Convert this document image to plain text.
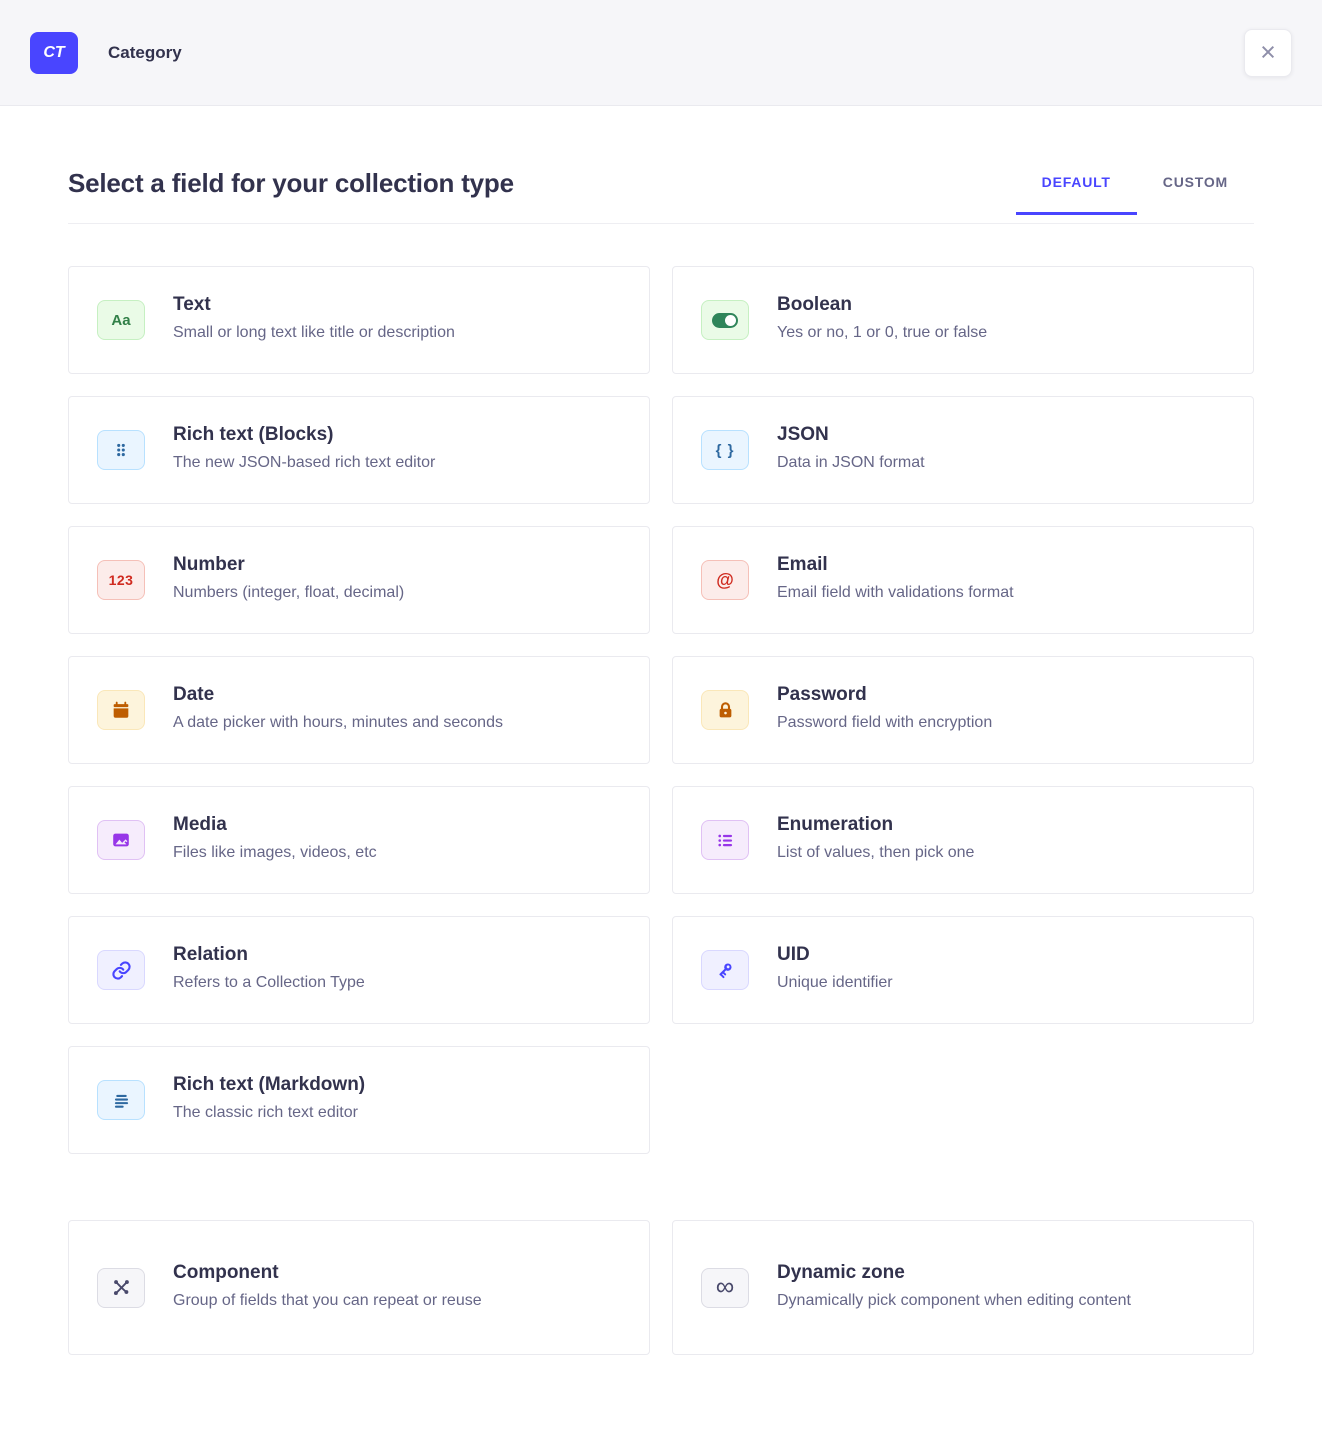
CT	Category	×
Select a field for your collection type	DEFAULT	CUSTOM
Aa
Text
Small or long text like title or description
Boolean
Yes or no, 1 or 0, true or false
Rich text (Blocks)
The new JSON-based rich text editor
{ }
JSON
Data in JSON format
123
Number
Numbers (integer, float, decimal)
@
Email
Email field with validations format
Date
A date picker with hours, minutes and seconds
Password
Password field with encryption
Media
Files like images, videos, etc
Enumeration
List of values, then pick one
Relation
Refers to a Collection Type
UID
Unique identifier
Rich text (Markdown)
The classic rich text editor
Component
Group of fields that you can repeat or reuse	∞ Dynamic zone
Dynamically pick component when editing content
